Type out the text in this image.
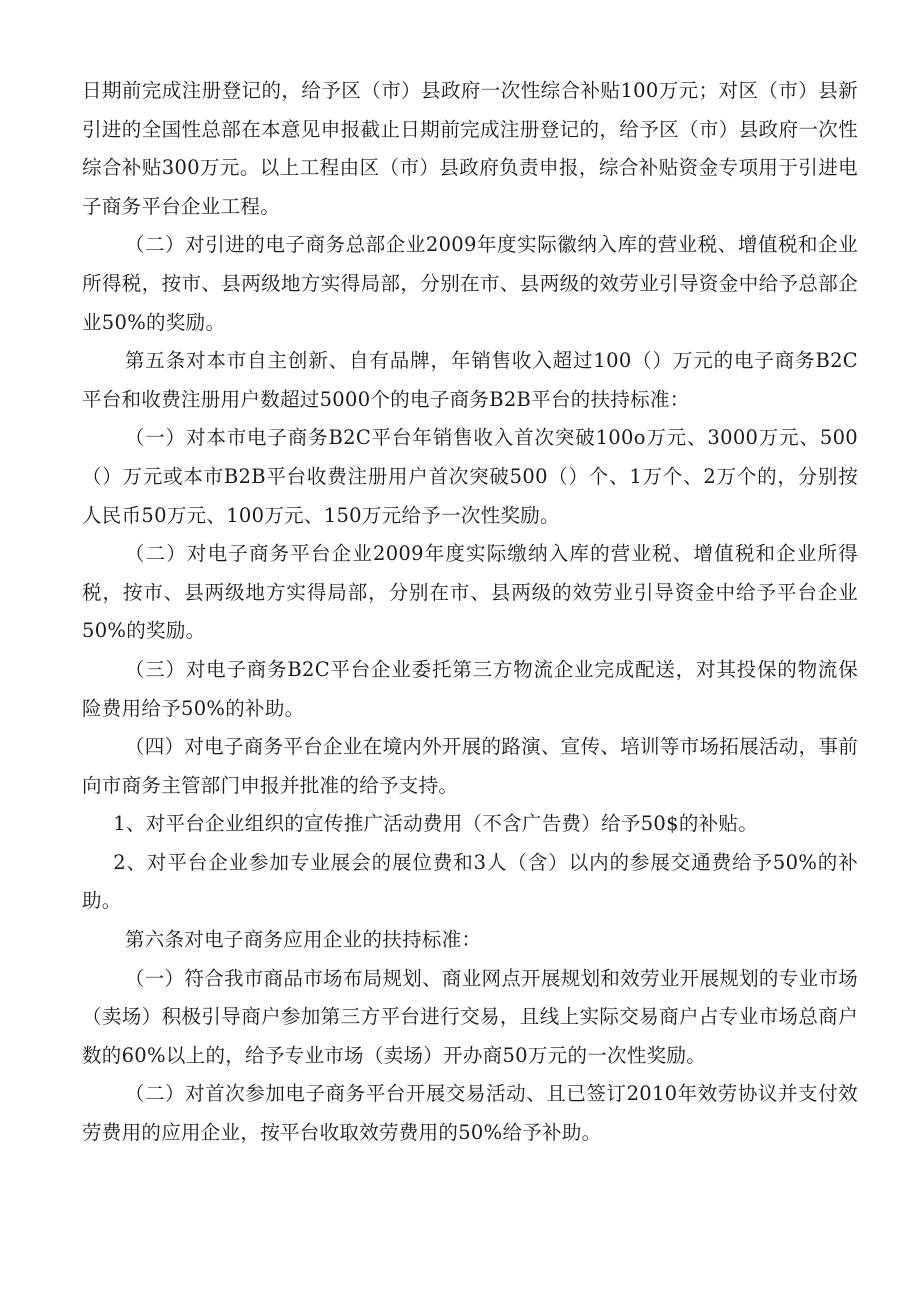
日期前完成注册登记的，给予区（市）县政府一次性综合补贴100万元；对区（市）县新引进的全国性总部在本意见申报截止日期前完成注册登记的，给予区（市）县政府一次性综合补贴300万元。以上工程由区（市）县政府负责申报，综合补贴资金专项用于引进电子商务平台企业工程。

（二）对引进的电子商务总部企业2009年度实际徽纳入库的营业税、增值税和企业所得税，按市、县两级地方实得局部，分别在市、县两级的效劳业引导资金中给予总部企业50%的奖励。

第五条对本市自主创新、自有品牌，年销售收入超过100（）万元的电子商务B2C平台和收费注册用户数超过5000个的电子商务B2B平台的扶持标准：

（一）对本市电子商务B2C平台年销售收入首次突破100o万元、3000万元、500（）万元或本市B2B平台收费注册用户首次突破500（）个、1万个、2万个的，分别按人民币50万元、100万元、150万元给予一次性奖励。

（二）对电子商务平台企业2009年度实际缴纳入库的营业税、增值税和企业所得税，按市、县两级地方实得局部，分别在市、县两级的效劳业引导资金中给予平台企业50%的奖励。

（三）对电子商务B2C平台企业委托第三方物流企业完成配送，对其投保的物流保险费用给予50%的补助。

（四）对电子商务平台企业在境内外开展的路演、宣传、培训等市场拓展活动，事前向市商务主管部门申报并批准的给予支持。

1、对平台企业组织的宣传推广活动费用（不含广告费）给予50$的补贴。

2、对平台企业参加专业展会的展位费和3人（含）以内的参展交通费给予50%的补助。

第六条对电子商务应用企业的扶持标准：

（一）符合我市商品市场布局规划、商业网点开展规划和效劳业开展规划的专业市场（卖场）积极引导商户参加第三方平台进行交易，且线上实际交易商户占专业市场总商户数的60%以上的，给予专业市场（卖场）开办商50万元的一次性奖励。

（二）对首次参加电子商务平台开展交易活动、且已签订2010年效劳协议并支付效劳费用的应用企业，按平台收取效劳费用的50%给予补助。
